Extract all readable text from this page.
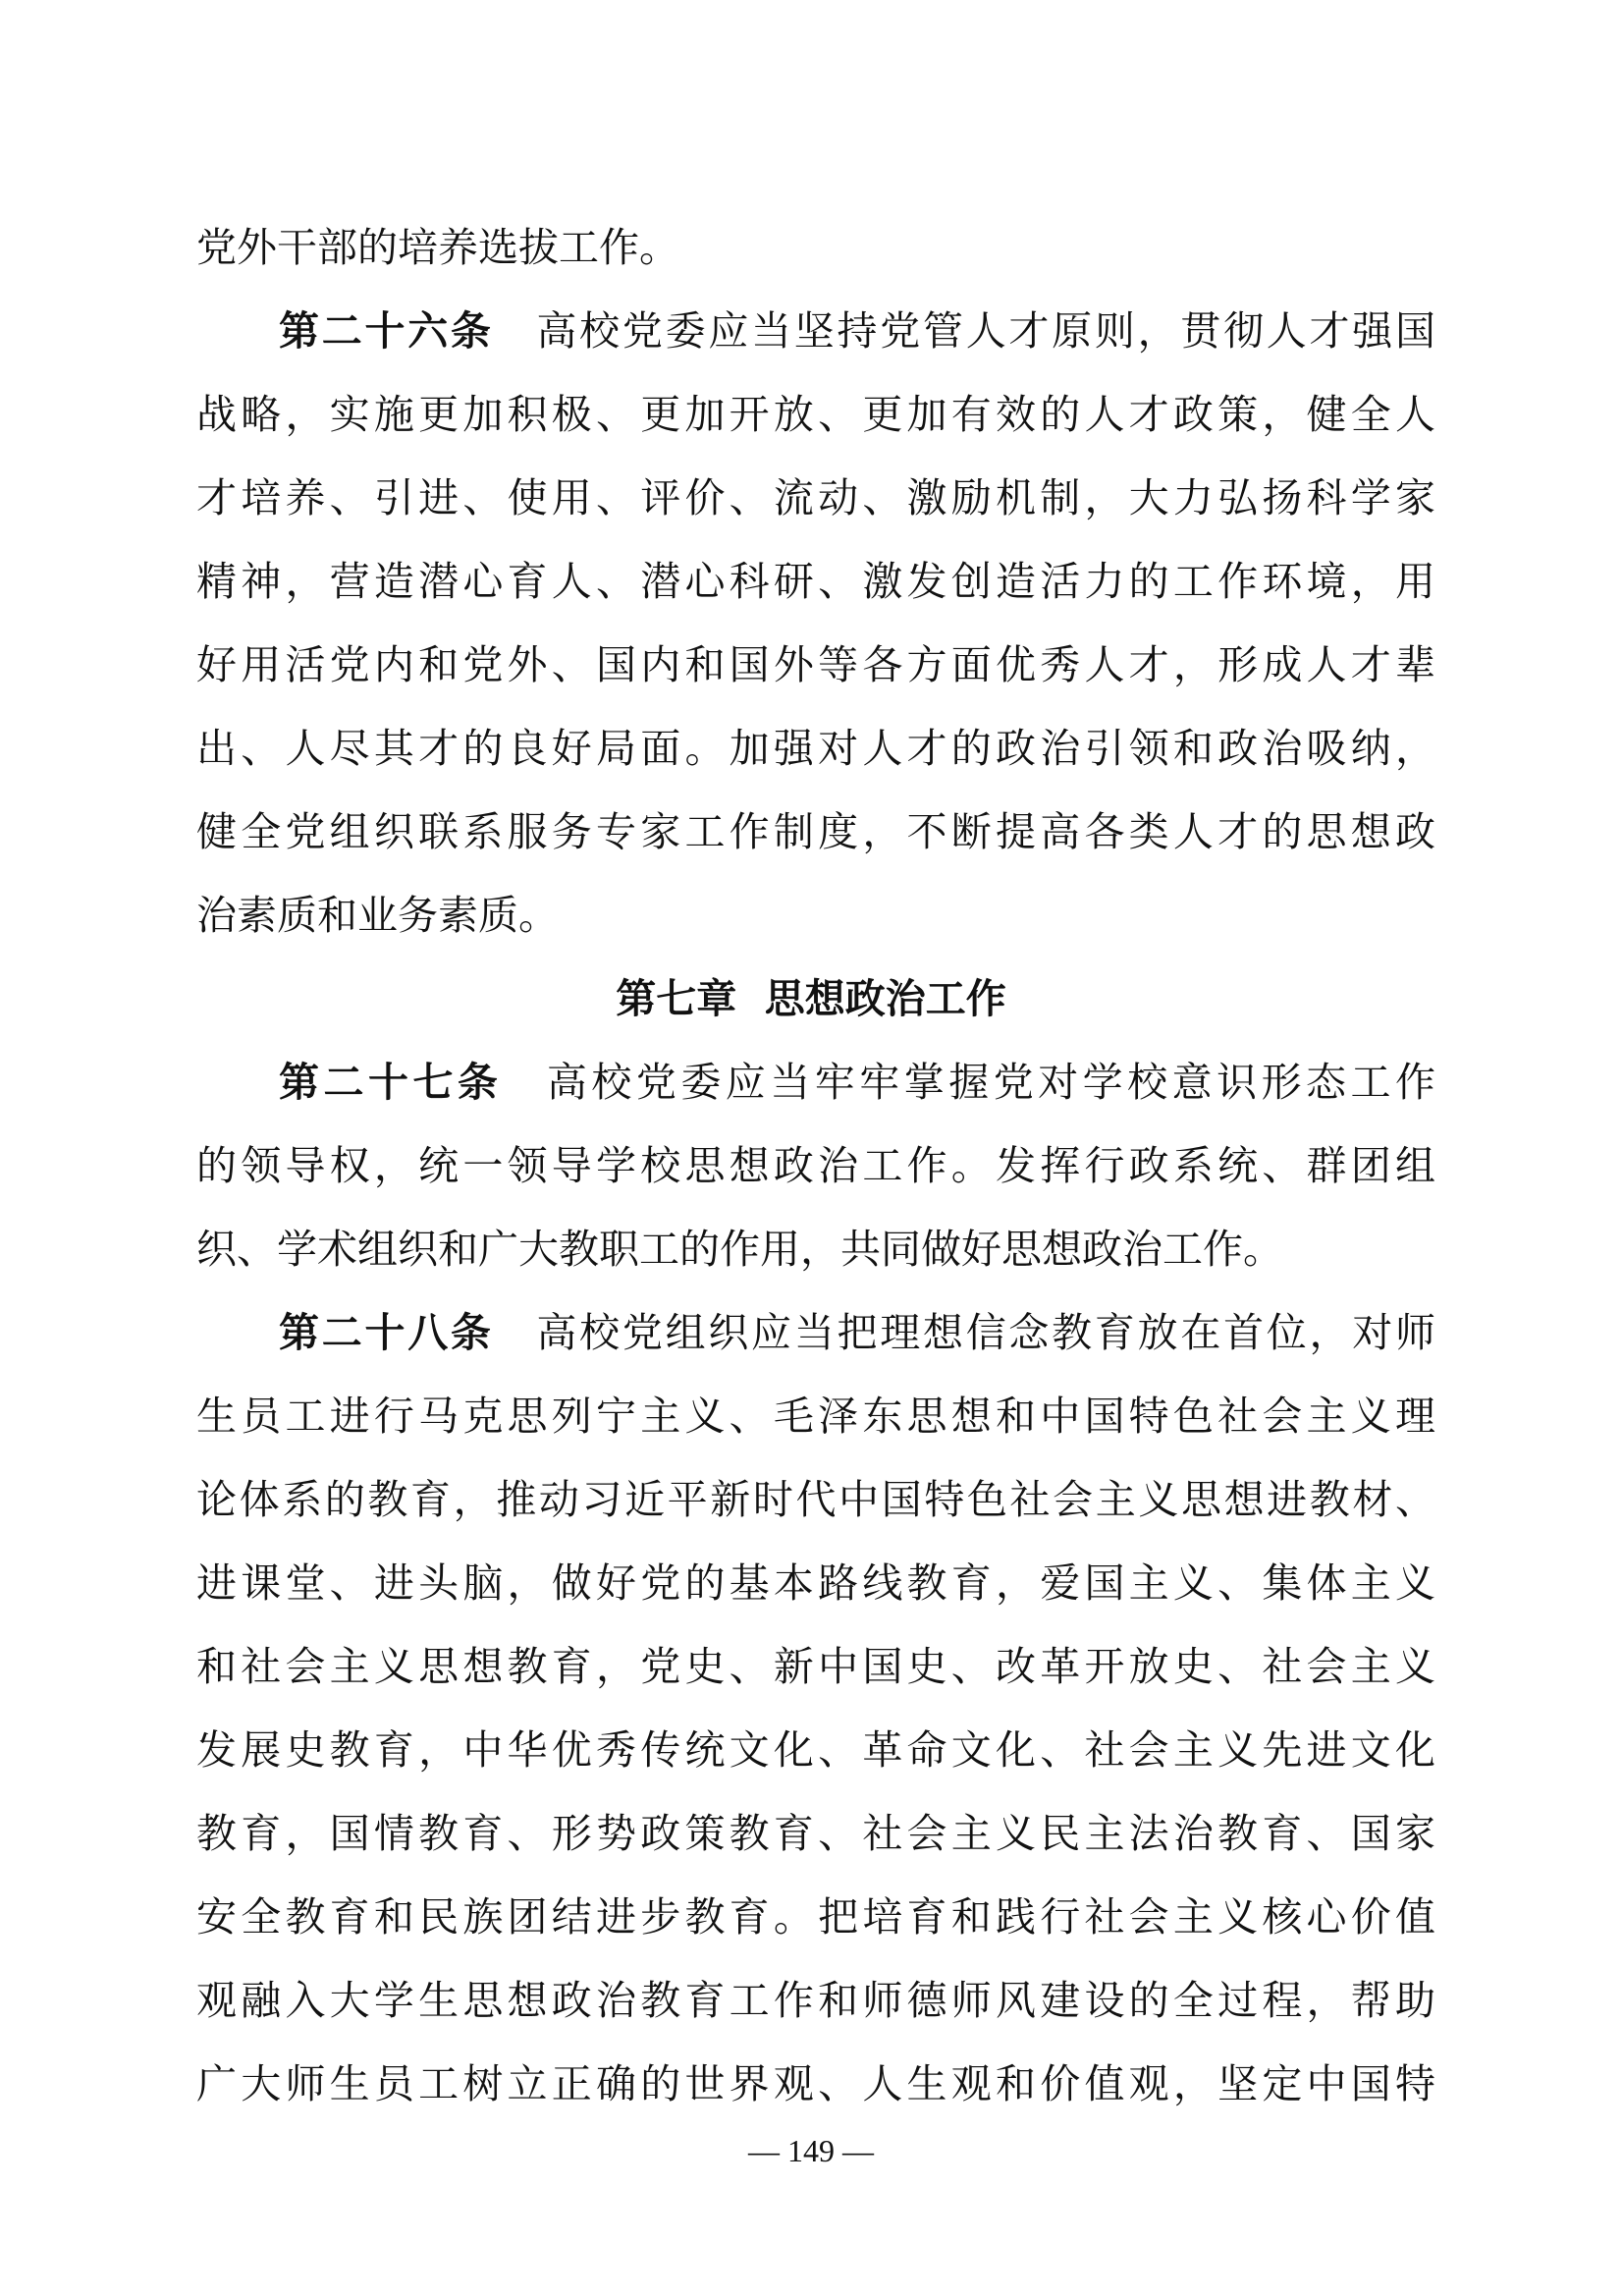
党外干部的培养选拔工作。
第二十六条　 高校党委应当坚持党管人才原则，贯彻人才强国
战略，实施更加积极、更加开放、更加有效的人才政策，健全人
才培养、引进、使用、评价、流动、激励机制，大力弘扬科学家
精神，营造潜心育人、潜心科研、激发创造活力的工作环境，用
好用活党内和党外、国内和国外等各方面优秀人才，形成人才辈
出、人尽其才的良好局面。加强对人才的政治引领和政治吸纳，
健全党组织联系服务专家工作制度，不断提高各类人才的思想政
治素质和业务素质。
第七章  思想政治工作
第二十七条　 高校党委应当牢牢掌握党对学校意识形态工作
的领导权，统一领导学校思想政治工作。发挥行政系统、群团组
织、学术组织和广大教职工的作用，共同做好思想政治工作。
第二十八条　 高校党组织应当把理想信念教育放在首位，对师
生员工进行马克思列宁主义、毛泽东思想和中国特色社会主义理
论体系的教育，推动习近平新时代中国特色社会主义思想进教材、
进课堂、进头脑，做好党的基本路线教育，爱国主义、集体主义
和社会主义思想教育，党史、新中国史、改革开放史、社会主义
发展史教育，中华优秀传统文化、革命文化、社会主义先进文化
教育，国情教育、形势政策教育、社会主义民主法治教育、国家
安全教育和民族团结进步教育。把培育和践行社会主义核心价值
观融入大学生思想政治教育工作和师德师风建设的全过程，帮助
广大师生员工树立正确的世界观、人生观和价值观，坚定中国特
— 149 —
